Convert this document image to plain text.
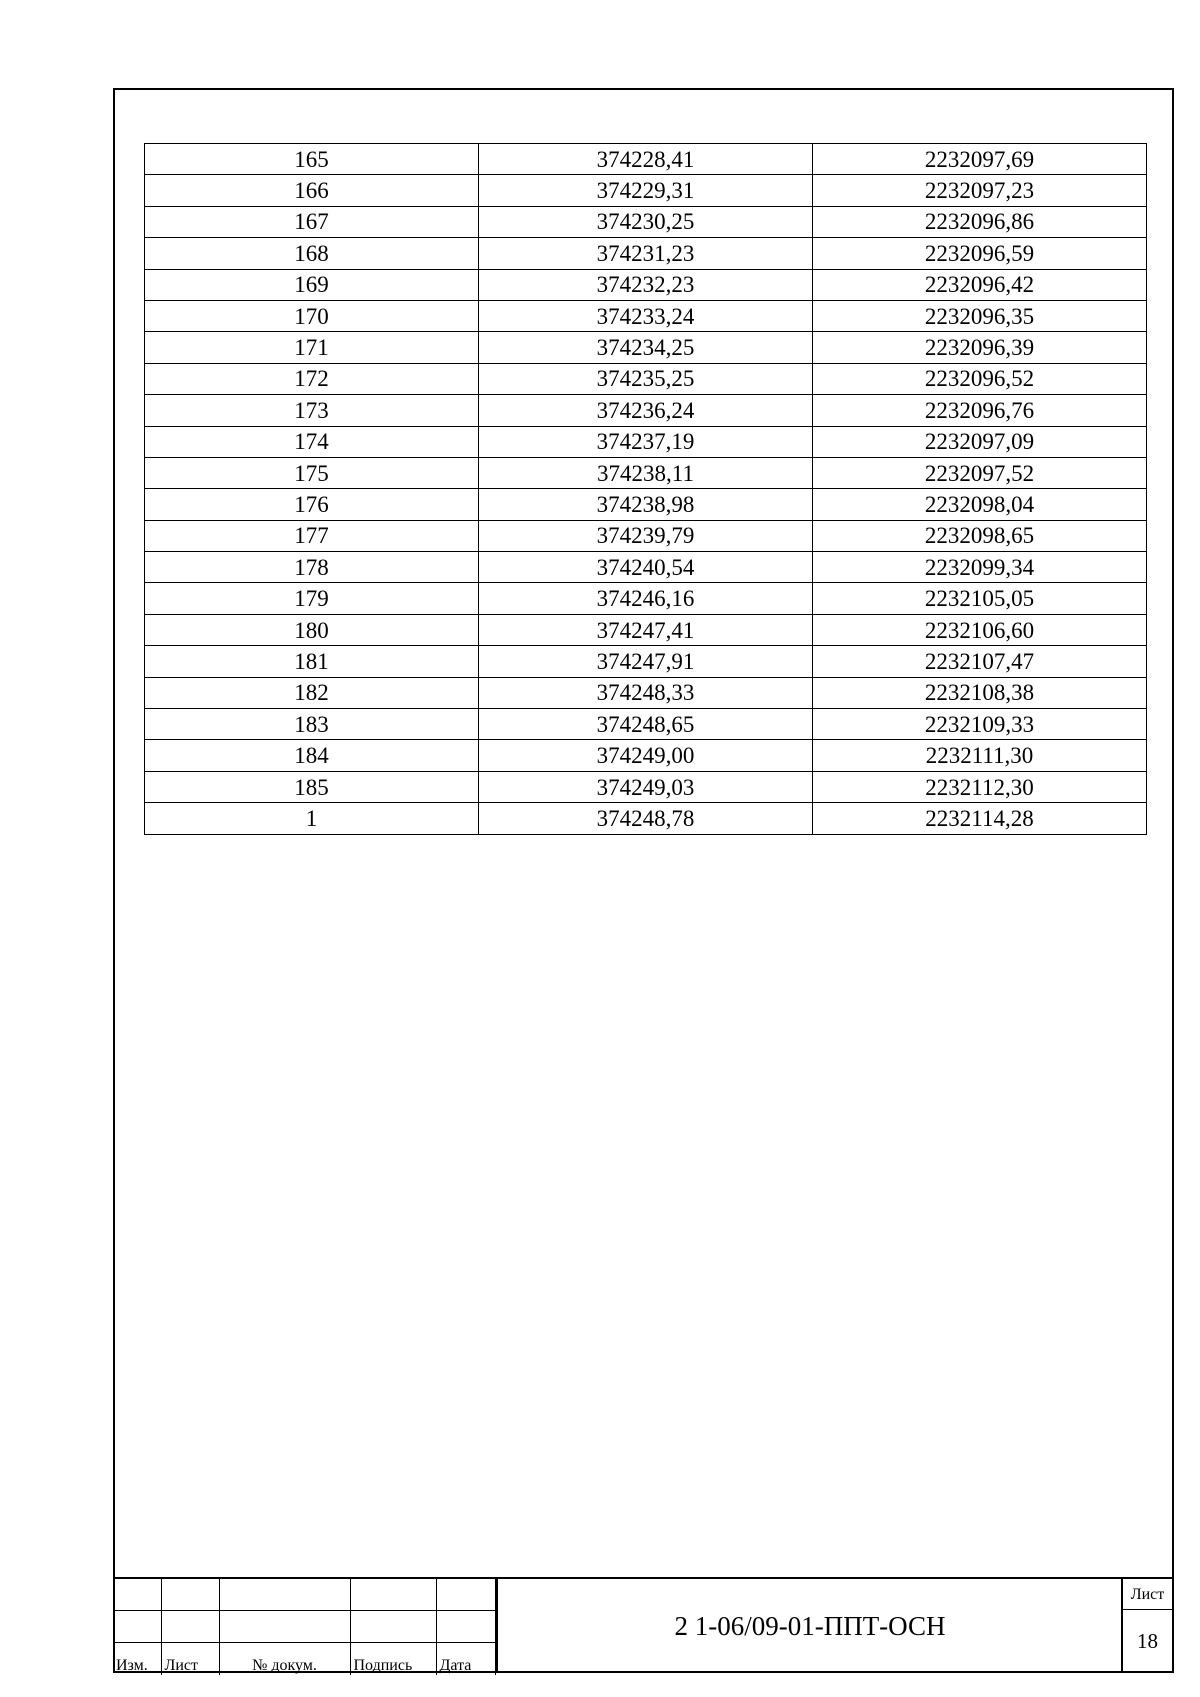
165	374228,41	2232097,69
166	374229,31	2232097,23
167	374230,25	2232096,86
168	374231,23	2232096,59
169	374232,23	2232096,42
170	374233,24	2232096,35
171	374234,25	2232096,39
172	374235,25	2232096,52
173	374236,24	2232096,76
174	374237,19	2232097,09
175	374238,11	2232097,52
176	374238,98	2232098,04
177	374239,79	2232098,65
178	374240,54	2232099,34
179	374246,16	2232105,05
180	374247,41	2232106,60
181	374247,91	2232107,47
182	374248,33	2232108,38
183	374248,65	2232109,33
184	374249,00	2232111,30
185	374249,03	2232112,30
1	374248,78	2232114,28

Изм.	Лист	№ докум.	Подпись	Дата
2 1-06/09-01-ППТ-ОСН
Лист
18
